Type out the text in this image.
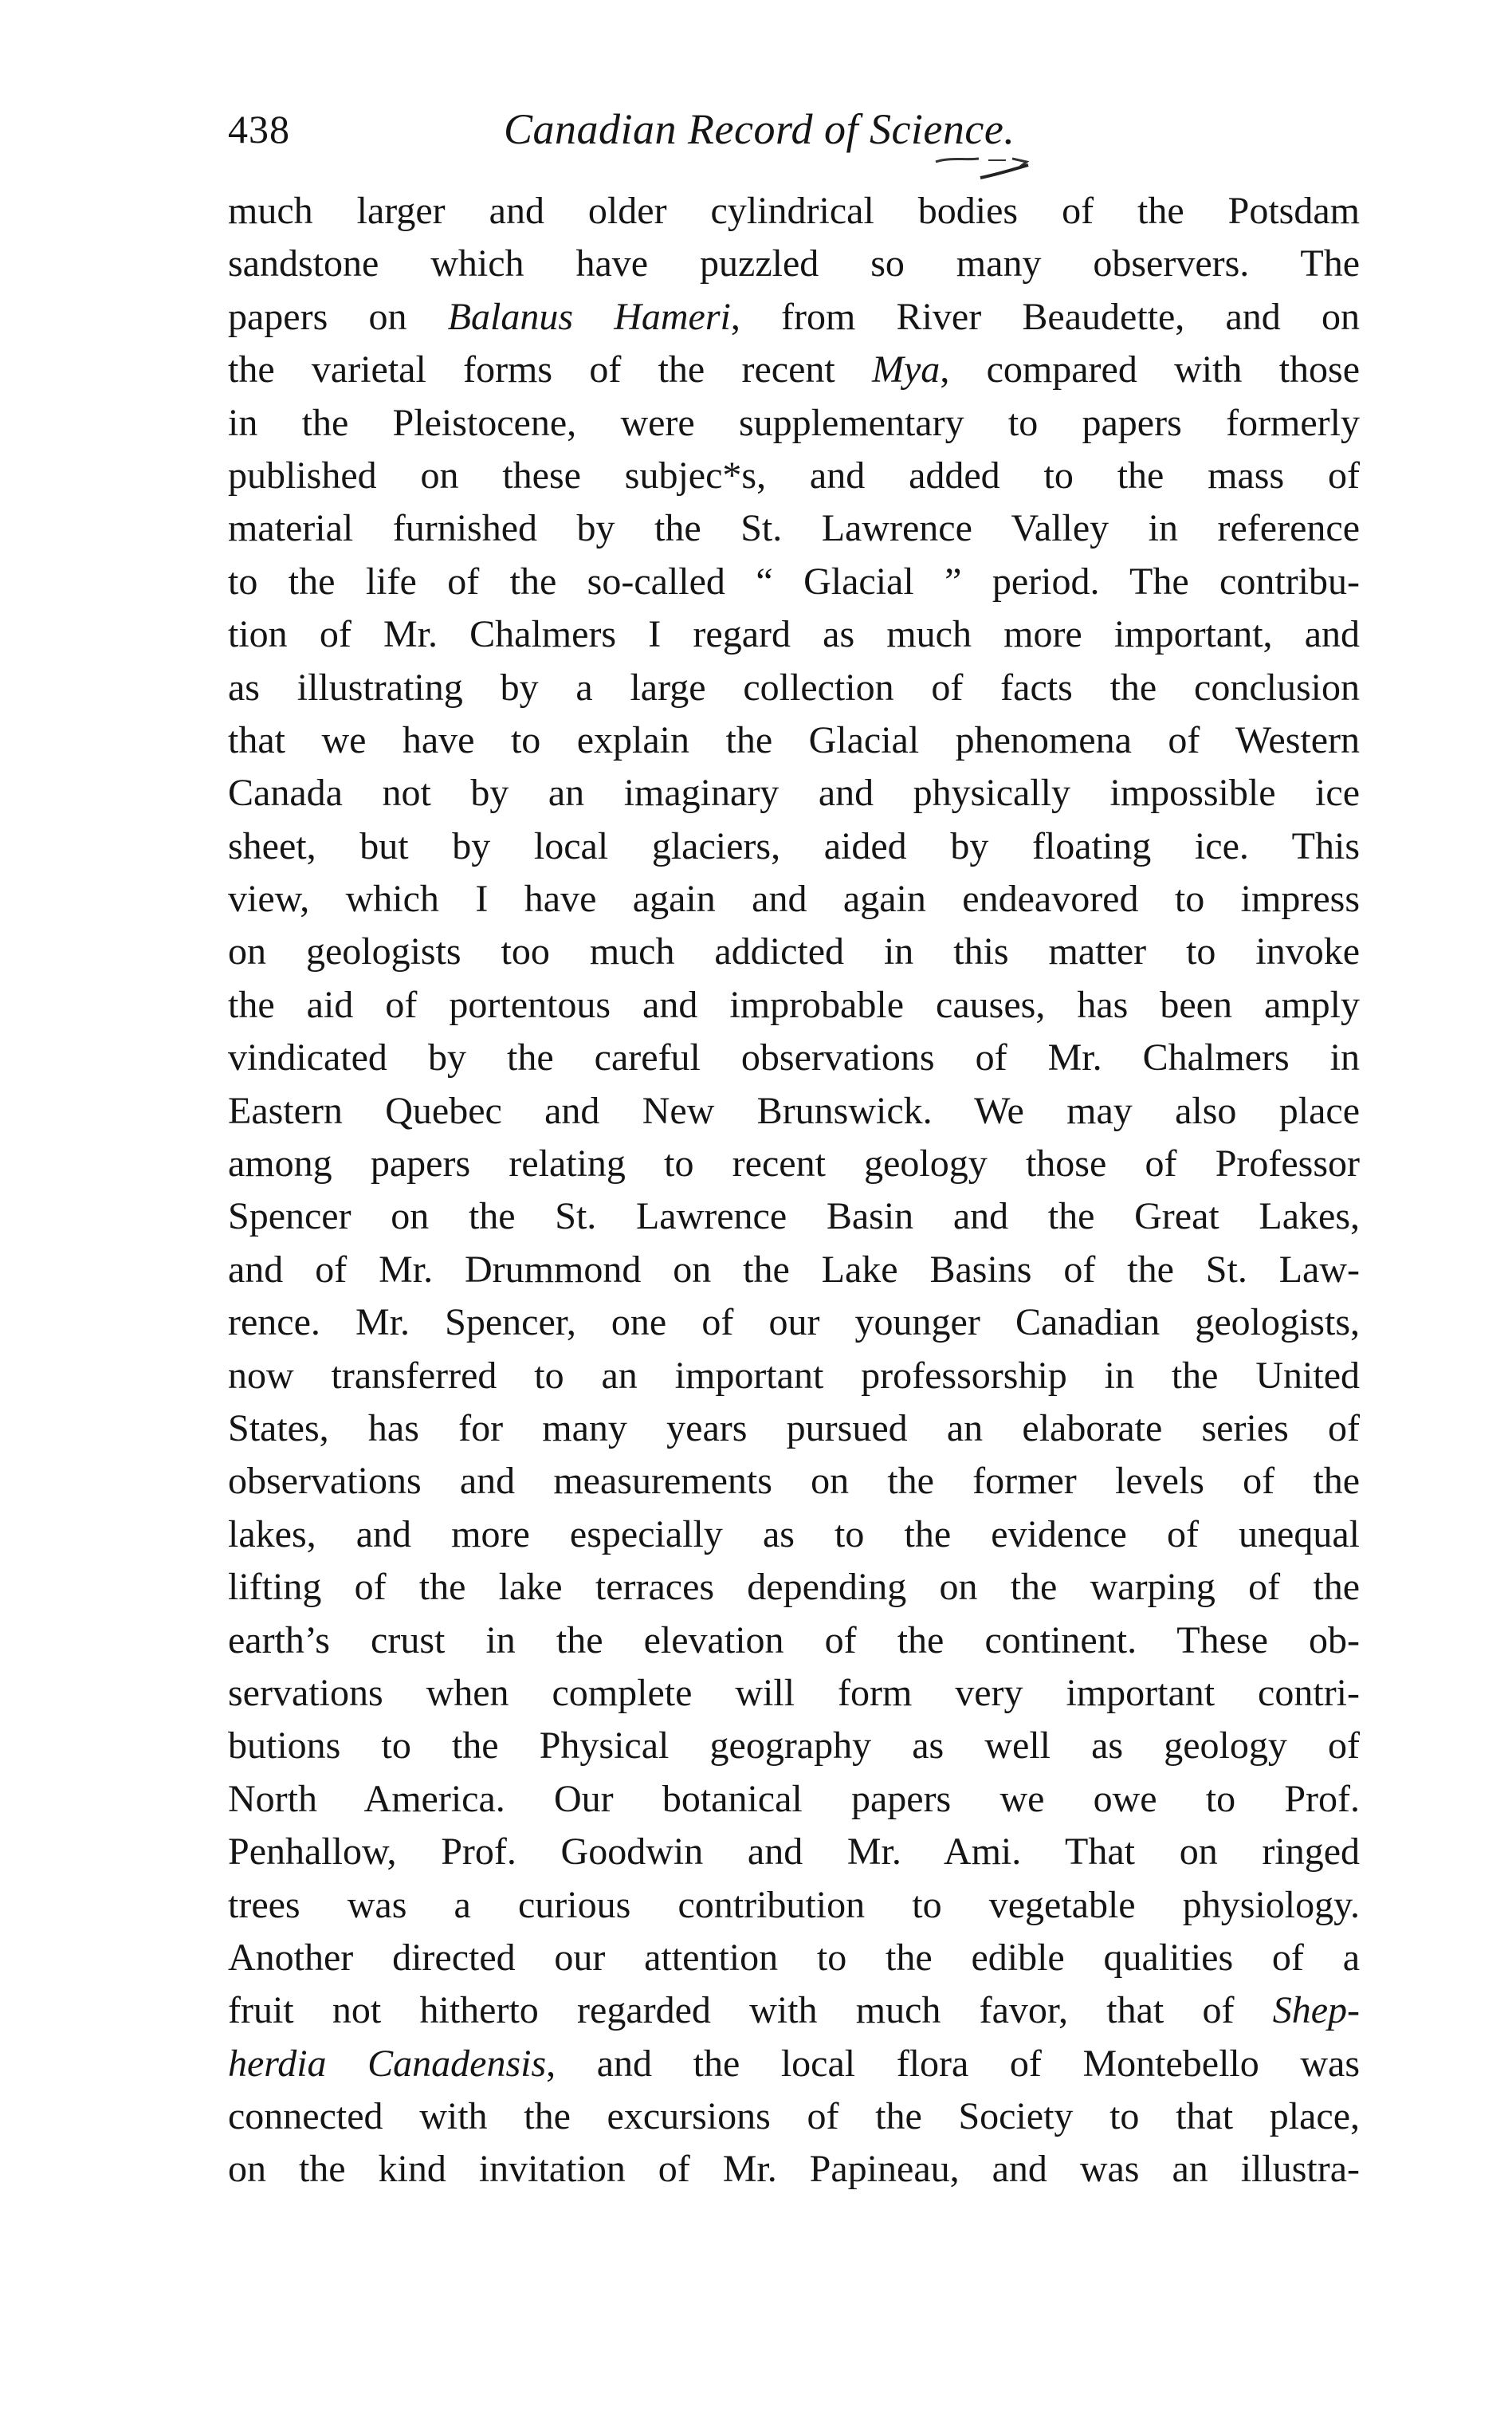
438	Canadian Record of Science.
much larger and older cylindrical bodies of the Potsdam
sandstone which have puzzled so many observers. The
papers on Balanus Hameri, from River Beaudette, and on
the varietal forms of the recent Mya, compared with those
in the Pleistocene, were supplementary to papers formerly
published on these subjec*s, and added to the mass of
material furnished by the St. Lawrence Valley in reference
to the life of the so-called “ Glacial ” period. The contribu-
tion of Mr. Chalmers I regard as much more important, and
as illustrating by a large collection of facts the conclusion
that we have to explain the Glacial phenomena of Western
Canada not by an imaginary and physically impossible ice
sheet, but by local glaciers, aided by floating ice. This
view, which I have again and again endeavored to impress
on geologists too much addicted in this matter to invoke
the aid of portentous and improbable causes, has been amply
vindicated by the careful observations of Mr. Chalmers in
Eastern Quebec and New Brunswick. We may also place
among papers relating to recent geology those of Professor
Spencer on the St. Lawrence Basin and the Great Lakes,
and of Mr. Drummond on the Lake Basins of the St. Law-
rence. Mr. Spencer, one of our younger Canadian geologists,
now transferred to an important professorship in the United
States, has for many years pursued an elaborate series of
observations and measurements on the former levels of the
lakes, and more especially as to the evidence of unequal
lifting of the lake terraces depending on the warping of the
earth’s crust in the elevation of the continent. These ob-
servations when complete will form very important contri-
butions to the Physical geography as well as geology of
North America. Our botanical papers we owe to Prof.
Penhallow, Prof. Goodwin and Mr. Ami. That on ringed
trees was a curious contribution to vegetable physiology.
Another directed our attention to the edible qualities of a
fruit not hitherto regarded with much favor, that of Shep-
herdia Canadensis, and the local flora of Montebello was
connected with the excursions of the Society to that place,
on the kind invitation of Mr. Papineau, and was an illustra-
